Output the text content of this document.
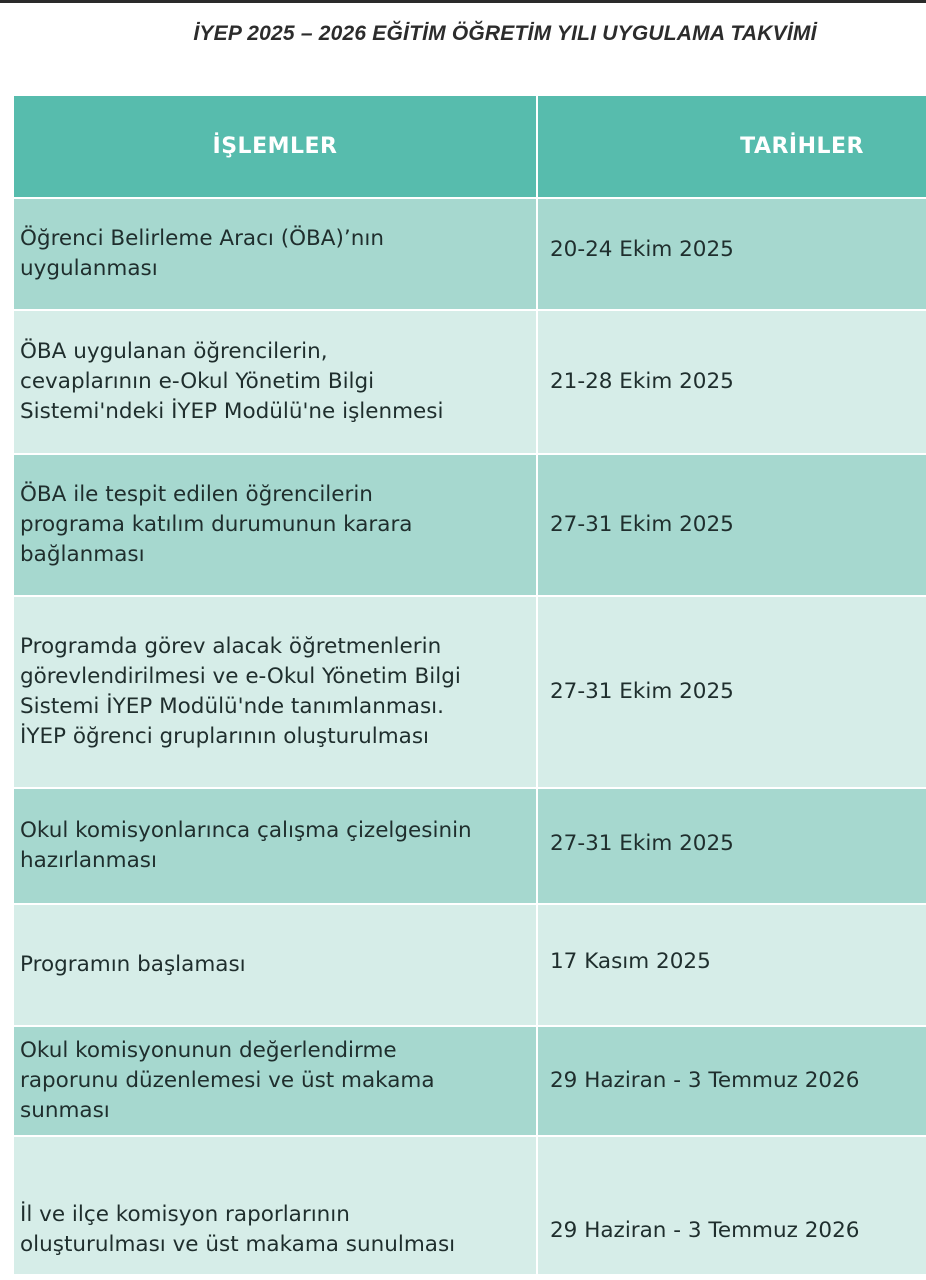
İYEP 2025 – 2026 EĞİTİM ÖĞRETİM YILI UYGULAMA TAKVİMİ
İŞLEMLER	TARİHLER
Öğrenci Belirleme Aracı (ÖBA)’nın
uygulanması
20-24 Ekim 2025
ÖBA uygulanan öğrencilerin,
cevaplarının e-Okul Yönetim Bilgi
Sistemi'ndeki İYEP Modülü'ne işlenmesi
21-28 Ekim 2025
ÖBA ile tespit edilen öğrencilerin
programa katılım durumunun karara
bağlanması
27-31 Ekim 2025
Programda görev alacak öğretmenlerin
görevlendirilmesi ve e-Okul Yönetim Bilgi
Sistemi İYEP Modülü'nde tanımlanması.
İYEP öğrenci gruplarının oluşturulması
27-31 Ekim 2025
Okul komisyonlarınca çalışma çizelgesinin
hazırlanması
27-31 Ekim 2025
Programın başlaması	17 Kasım 2025
Okul komisyonunun değerlendirme
raporunu düzenlemesi ve üst makama
sunması
29 Haziran - 3 Temmuz 2026
İl ve ilçe komisyon raporlarının
oluşturulması ve üst makama sunulması
29 Haziran - 3 Temmuz 2026
